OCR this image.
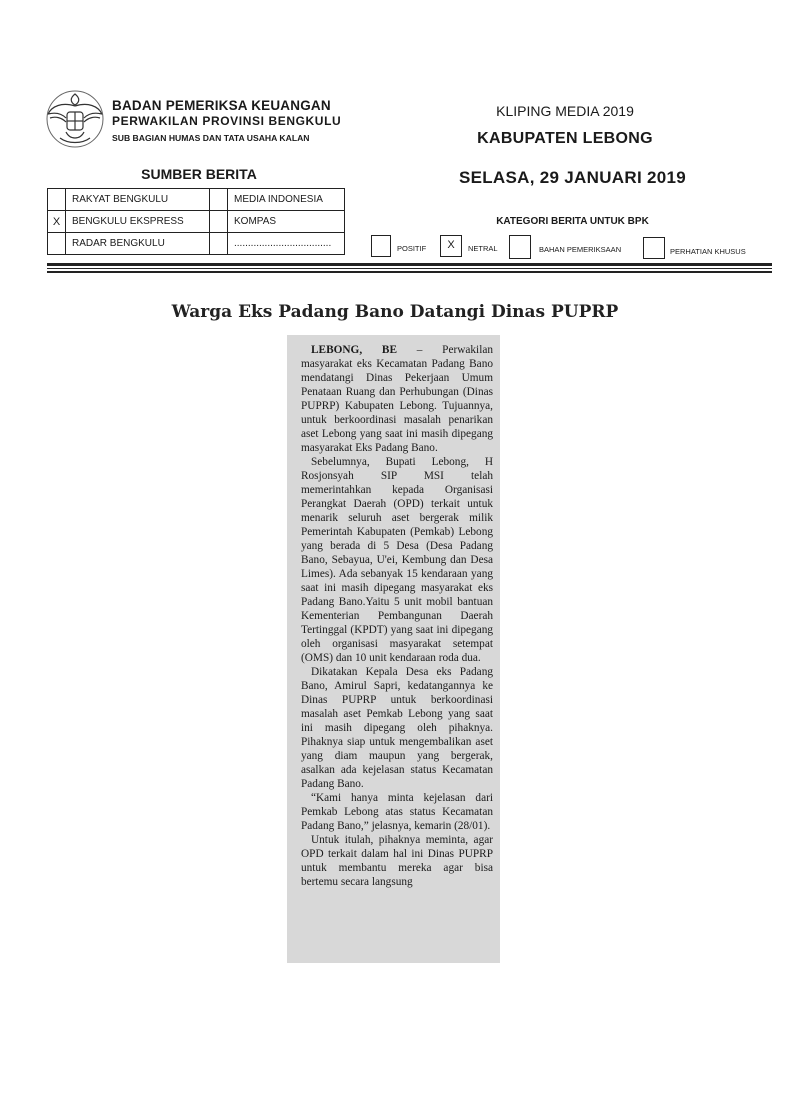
BADAN PEMERIKSA KEUANGAN
PERWAKILAN PROVINSI BENGKULU
SUB BAGIAN HUMAS DAN TATA USAHA KALAN
KLIPING MEDIA 2019
KABUPATEN LEBONG
SELASA, 29 JANUARI 2019
SUMBER BERITA
	RAKYAT BENGKULU		MEDIA INDONESIA
X	BENGKULU EKSPRESS		KOMPAS
	RADAR BENGKULU		...................................
KATEGORI BERITA UNTUK BPK
POSITIF	X	NETRAL	BAHAN PEMERIKSAAN	PERHATIAN KHUSUS
Warga Eks Padang Bano Datangi Dinas PUPRP

LEBONG, BE – Perwakilan masyarakat eks Kecamatan Padang Bano mendatangi Dinas Pekerjaan Umum Penataan Ruang dan Perhubungan (Dinas PUPRP) Kabupaten Lebong. Tujuannya, untuk berkoordinasi masalah penarikan aset Lebong yang saat ini masih dipegang masyarakat Eks Padang Bano.

Sebelumnya, Bupati Lebong, H Rosjonsyah SIP MSI telah memerintahkan kepada Organisasi Perangkat Daerah (OPD) terkait untuk menarik seluruh aset bergerak milik Pemerintah Kabupaten (Pemkab) Lebong yang berada di 5 Desa (Desa Padang Bano, Sebayua, U'ei, Kembung dan Desa Limes). Ada sebanyak 15 kendaraan yang saat ini masih dipegang masyarakat eks Padang Bano.Yaitu 5 unit mobil bantuan Kementerian Pembangunan Daerah Tertinggal (KPDT) yang saat ini dipegang oleh organisasi masyarakat setempat (OMS) dan 10 unit kendaraan roda dua.

Dikatakan Kepala Desa eks Padang Bano, Amirul Sapri, kedatangannya ke Dinas PUPRP untuk berkoordinasi masalah aset Pemkab Lebong yang saat ini masih dipegang oleh pihaknya. Pihaknya siap untuk mengembalikan aset yang diam maupun yang bergerak, asalkan ada kejelasan status Kecamatan Padang Bano.

“Kami hanya minta kejelasan dari Pemkab Lebong atas status Kecamatan Padang Bano,” jelasnya, kemarin (28/01).

Untuk itulah, pihaknya meminta, agar OPD terkait dalam hal ini Dinas PUPRP untuk membantu mereka agar bisa bertemu secara langsung
